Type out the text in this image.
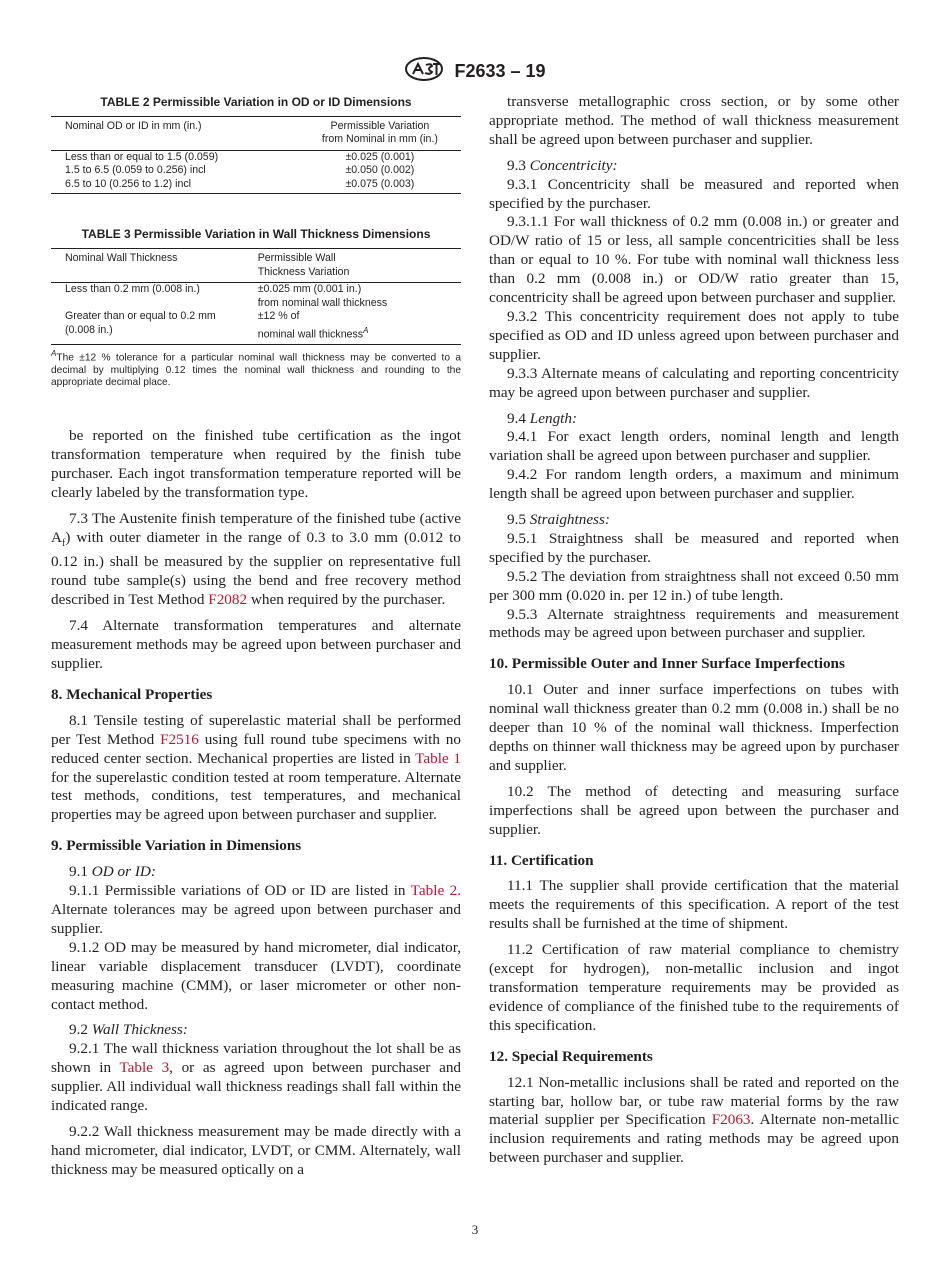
F2633 – 19

TABLE 2 Permissible Variation in OD or ID Dimensions

Nominal OD or ID in mm (in.)	Permissible Variation
from Nominal in mm (in.)
Less than or equal to 1.5 (0.059)	±0.025 (0.001)
1.5 to 6.5 (0.059 to 0.256) incl	±0.050 (0.002)
6.5 to 10 (0.256 to 1.2) incl	±0.075 (0.003)

TABLE 3 Permissible Variation in Wall Thickness Dimensions

Nominal Wall Thickness	Permissible Wall
Thickness Variation
Less than 0.2 mm (0.008 in.)	±0.025 mm (0.001 in.)
from nominal wall thickness
Greater than or equal to 0.2 mm
(0.008 in.)	±12 % of
nominal wall thickness$^A$

$^A$The ±12 % tolerance for a particular nominal wall thickness may be converted to a decimal by multiplying 0.12 times the nominal wall thickness and rounding to the appropriate decimal place.

be reported on the finished tube certification as the ingot transformation temperature when required by the finish tube purchaser. Each ingot transformation temperature reported will be clearly labeled by the transformation type.

7.3 The Austenite finish temperature of the finished tube (active $A_f$) with outer diameter in the range of 0.3 to 3.0 mm (0.012 to 0.12 in.) shall be measured by the supplier on representative full round tube sample(s) using the bend and free recovery method described in Test Method F2082 when required by the purchaser.

7.4 Alternate transformation temperatures and alternate measurement methods may be agreed upon between purchaser and supplier.

8. Mechanical Properties

8.1 Tensile testing of superelastic material shall be performed per Test Method F2516 using full round tube specimens with no reduced center section. Mechanical properties are listed in Table 1 for the superelastic condition tested at room temperature. Alternate test methods, conditions, test temperatures, and mechanical properties may be agreed upon between purchaser and supplier.

9. Permissible Variation in Dimensions

9.1 OD or ID:

9.1.1 Permissible variations of OD or ID are listed in Table 2. Alternate tolerances may be agreed upon between purchaser and supplier.

9.1.2 OD may be measured by hand micrometer, dial indicator, linear variable displacement transducer (LVDT), coordinate measuring machine (CMM), or laser micrometer or other non-contact method.

9.2 Wall Thickness:

9.2.1 The wall thickness variation throughout the lot shall be as shown in Table 3, or as agreed upon between purchaser and supplier. All individual wall thickness readings shall fall within the indicated range.

9.2.2 Wall thickness measurement may be made directly with a hand micrometer, dial indicator, LVDT, or CMM. Alternately, wall thickness may be measured optically on a

transverse metallographic cross section, or by some other appropriate method. The method of wall thickness measurement shall be agreed upon between purchaser and supplier.

9.3 Concentricity:

9.3.1 Concentricity shall be measured and reported when specified by the purchaser.

9.3.1.1 For wall thickness of 0.2 mm (0.008 in.) or greater and OD/W ratio of 15 or less, all sample concentricities shall be less than or equal to 10 %. For tube with nominal wall thickness less than 0.2 mm (0.008 in.) or OD/W ratio greater than 15, concentricity shall be agreed upon between purchaser and supplier.

9.3.2 This concentricity requirement does not apply to tube specified as OD and ID unless agreed upon between purchaser and supplier.

9.3.3 Alternate means of calculating and reporting concentricity may be agreed upon between purchaser and supplier.

9.4 Length:

9.4.1 For exact length orders, nominal length and length variation shall be agreed upon between purchaser and supplier.

9.4.2 For random length orders, a maximum and minimum length shall be agreed upon between purchaser and supplier.

9.5 Straightness:

9.5.1 Straightness shall be measured and reported when specified by the purchaser.

9.5.2 The deviation from straightness shall not exceed 0.50 mm per 300 mm (0.020 in. per 12 in.) of tube length.

9.5.3 Alternate straightness requirements and measurement methods may be agreed upon between purchaser and supplier.

10. Permissible Outer and Inner Surface Imperfections

10.1 Outer and inner surface imperfections on tubes with nominal wall thickness greater than 0.2 mm (0.008 in.) shall be no deeper than 10 % of the nominal wall thickness. Imperfection depths on thinner wall thickness may be agreed upon by purchaser and supplier.

10.2 The method of detecting and measuring surface imperfections shall be agreed upon between the purchaser and supplier.

11. Certification

11.1 The supplier shall provide certification that the material meets the requirements of this specification. A report of the test results shall be furnished at the time of shipment.

11.2 Certification of raw material compliance to chemistry (except for hydrogen), non-metallic inclusion and ingot transformation temperature requirements may be provided as evidence of compliance of the finished tube to the requirements of this specification.

12. Special Requirements

12.1 Non-metallic inclusions shall be rated and reported on the starting bar, hollow bar, or tube raw material forms by the raw material supplier per Specification F2063. Alternate non-metallic inclusion requirements and rating methods may be agreed upon between purchaser and supplier.

3
